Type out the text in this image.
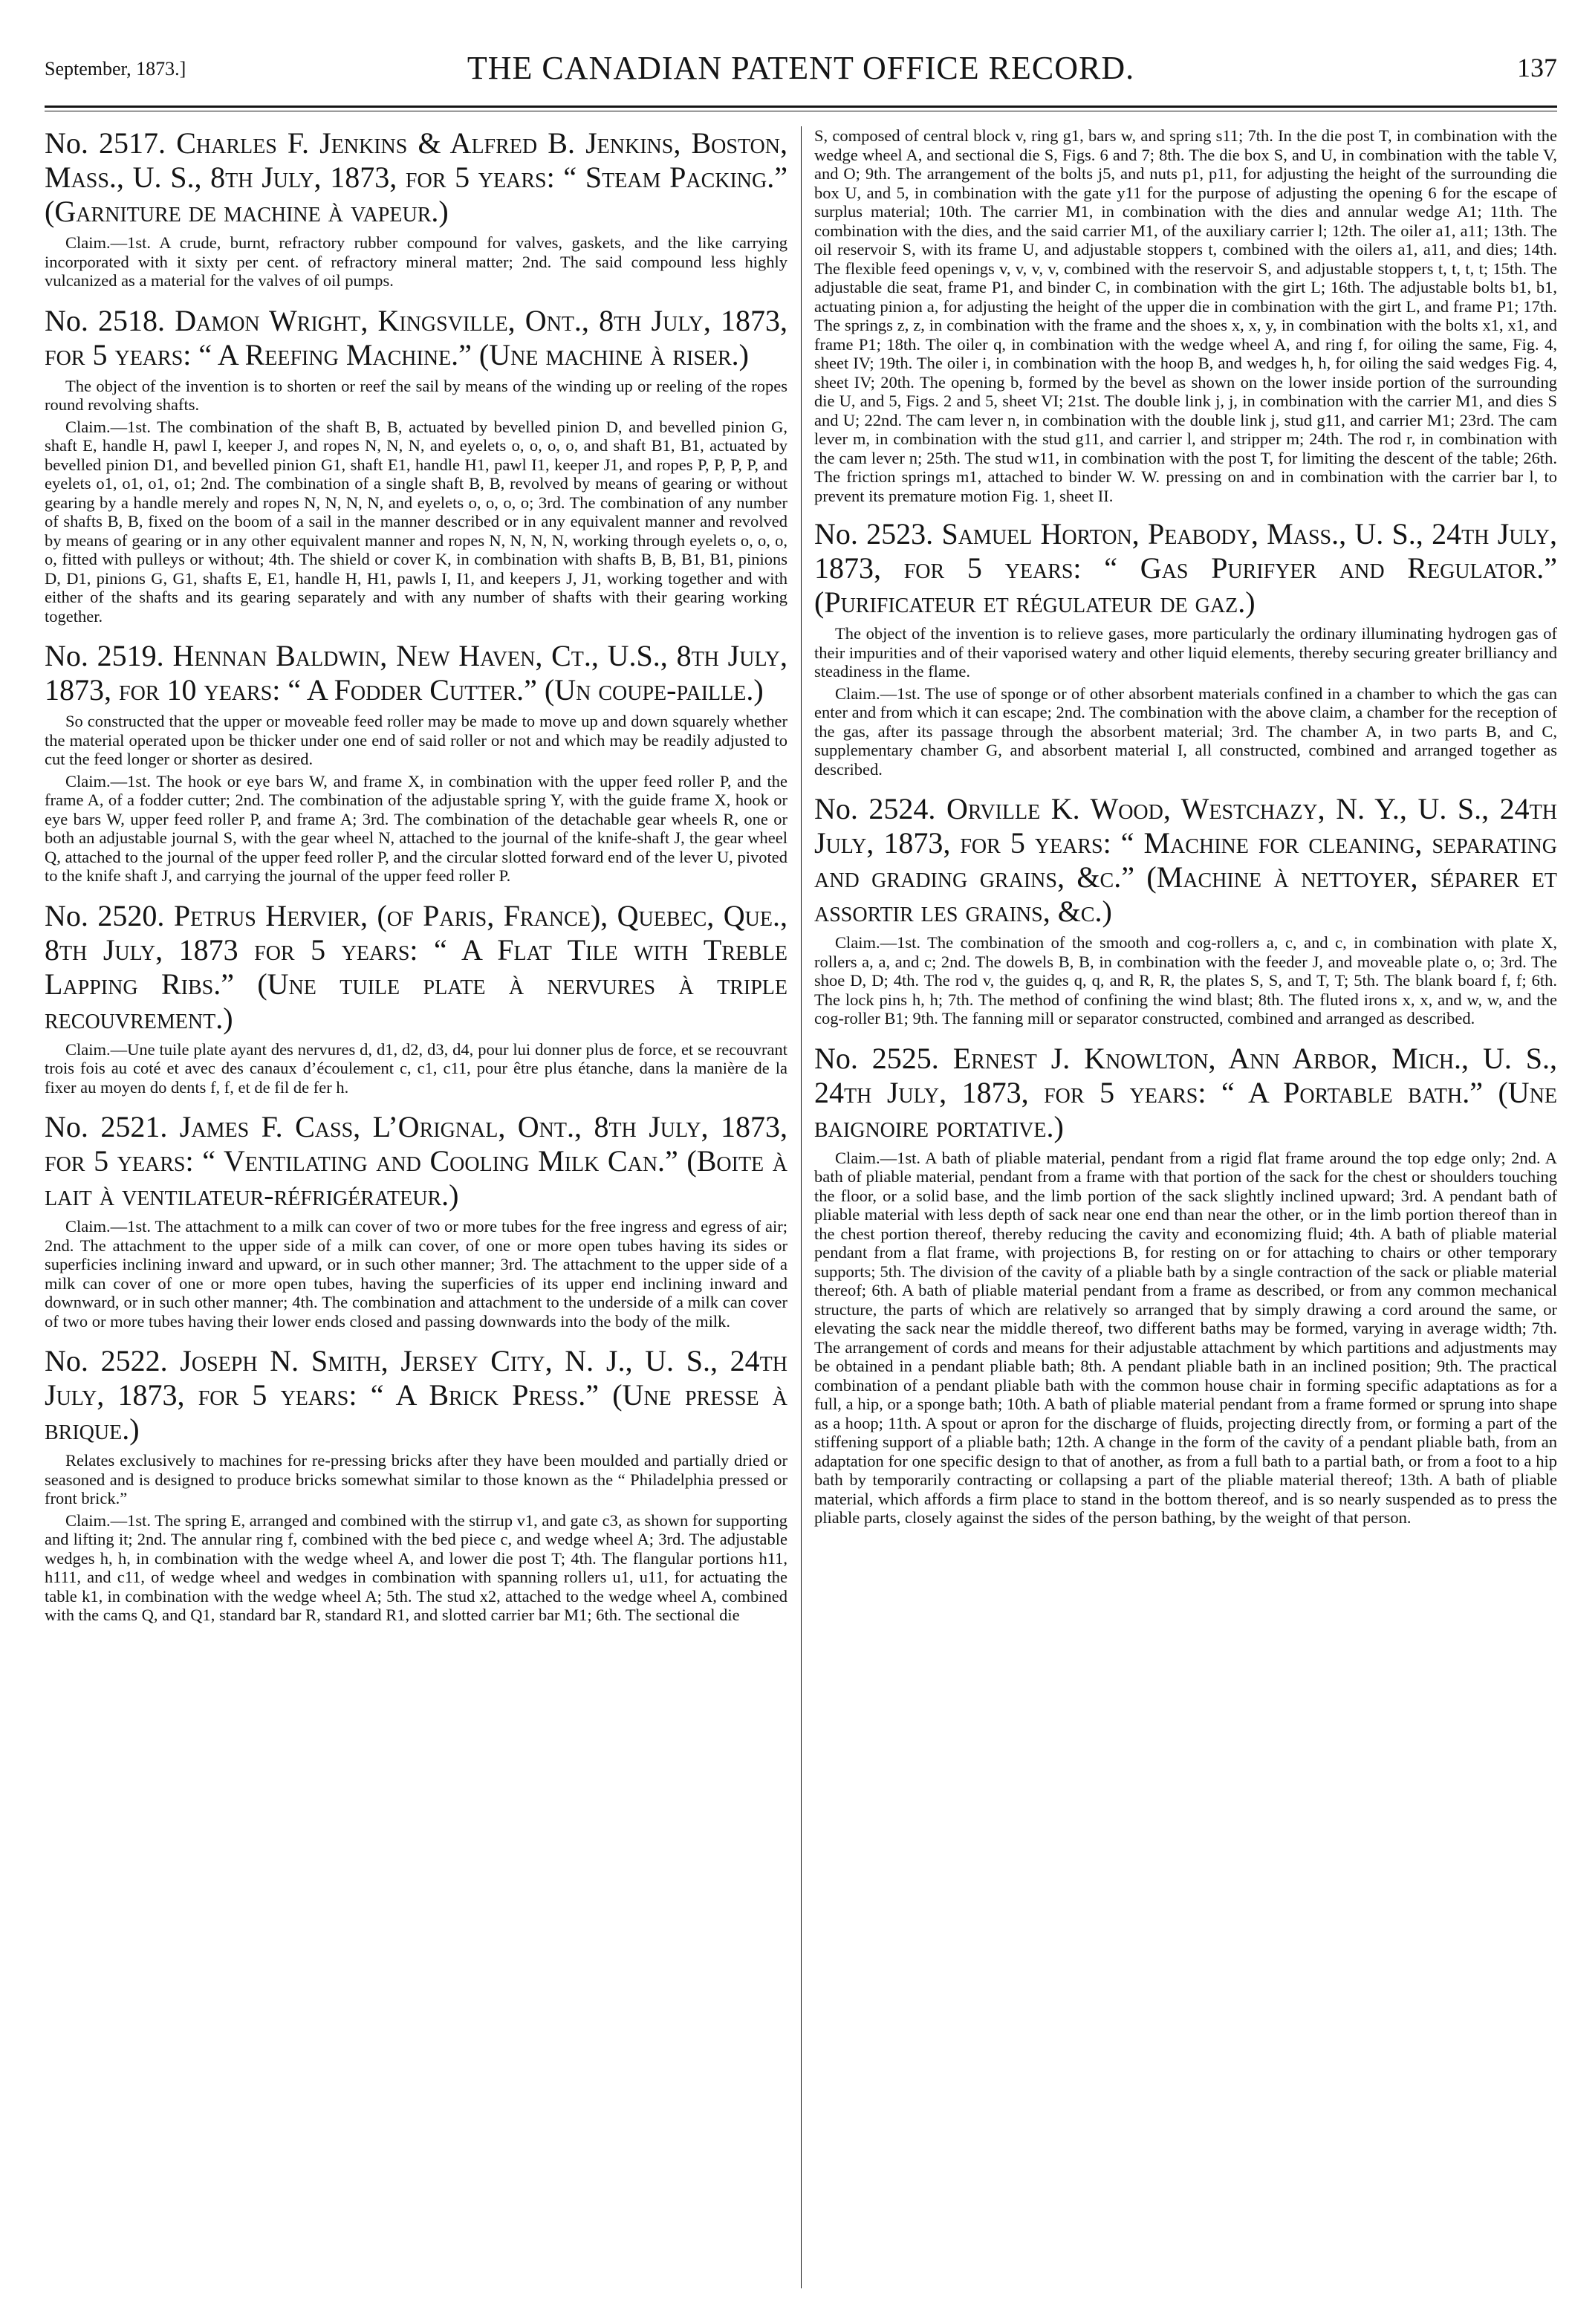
September, 1873.]	THE CANADIAN PATENT OFFICE RECORD.	137
No. 2517. Charles F. Jenkins & Alfred B. Jenkins, Boston, Mass., U. S., 8th July, 1873, for 5 years: “ Steam Packing.” (Garniture de machine à vapeur.)

Claim.—1st. A crude, burnt, refractory rubber compound for valves, gaskets, and the like carrying incorporated with it sixty per cent. of refractory mineral matter; 2nd. The said compound less highly vulcanized as a material for the valves of oil pumps.

No. 2518. Damon Wright, Kingsville, Ont., 8th July, 1873, for 5 years: “ A Reefing Machine.” (Une machine à riser.)

The object of the invention is to shorten or reef the sail by means of the winding up or reeling of the ropes round revolving shafts.

Claim.—1st. The combination of the shaft B, B, actuated by bevelled pinion D, and bevelled pinion G, shaft E, handle H, pawl I, keeper J, and ropes N, N, N, and eyelets o, o, o, o, and shaft B1, B1, actuated by bevelled pinion D1, and bevelled pinion G1, shaft E1, handle H1, pawl I1, keeper J1, and ropes P, P, P, P, and eyelets o1, o1, o1, o1; 2nd. The combination of a single shaft B, B, revolved by means of gearing or without gearing by a handle merely and ropes N, N, N, N, and eyelets o, o, o, o; 3rd. The combination of any number of shafts B, B, fixed on the boom of a sail in the manner described or in any equivalent manner and revolved by means of gearing or in any other equivalent manner and ropes N, N, N, N, working through eyelets o, o, o, o, fitted with pulleys or without; 4th. The shield or cover K, in combination with shafts B, B, B1, B1, pinions D, D1, pinions G, G1, shafts E, E1, handle H, H1, pawls I, I1, and keepers J, J1, working together and with either of the shafts and its gearing separately and with any number of shafts with their gearing working together.

No. 2519. Hennan Baldwin, New Haven, Ct., U.S., 8th July, 1873, for 10 years: “ A Fodder Cutter.” (Un coupe-paille.)

So constructed that the upper or moveable feed roller may be made to move up and down squarely whether the material operated upon be thicker under one end of said roller or not and which may be readily adjusted to cut the feed longer or shorter as desired.

Claim.—1st. The hook or eye bars W, and frame X, in combination with the upper feed roller P, and the frame A, of a fodder cutter; 2nd. The combination of the adjustable spring Y, with the guide frame X, hook or eye bars W, upper feed roller P, and frame A; 3rd. The combination of the detachable gear wheels R, one or both an adjustable journal S, with the gear wheel N, attached to the journal of the knife-shaft J, the gear wheel Q, attached to the journal of the upper feed roller P, and the circular slotted forward end of the lever U, pivoted to the knife shaft J, and carrying the journal of the upper feed roller P.

No. 2520. Petrus Hervier, (of Paris, France), Quebec, Que., 8th July, 1873 for 5 years: “ A Flat Tile with Treble Lapping Ribs.” (Une tuile plate à nervures à triple recouvrement.)

Claim.—Une tuile plate ayant des nervures d, d1, d2, d3, d4, pour lui donner plus de force, et se recouvrant trois fois au coté et avec des canaux d’écoulement c, c1, c11, pour être plus étanche, dans la manière de la fixer au moyen do dents f, f, et de fil de fer h.

No. 2521. James F. Cass, L’Orignal, Ont., 8th July, 1873, for 5 years: “ Ventilating and Cooling Milk Can.” (Boite à lait à ventilateur-réfrigérateur.)

Claim.—1st. The attachment to a milk can cover of two or more tubes for the free ingress and egress of air; 2nd. The attachment to the upper side of a milk can cover, of one or more open tubes having its sides or superficies inclining inward and upward, or in such other manner; 3rd. The attachment to the upper side of a milk can cover of one or more open tubes, having the superficies of its upper end inclining inward and downward, or in such other manner; 4th. The combination and attachment to the underside of a milk can cover of two or more tubes having their lower ends closed and passing downwards into the body of the milk.

No. 2522. Joseph N. Smith, Jersey City, N. J., U. S., 24th July, 1873, for 5 years: “ A Brick Press.” (Une presse à brique.)

Relates exclusively to machines for re-pressing bricks after they have been moulded and partially dried or seasoned and is designed to produce bricks somewhat similar to those known as the “ Philadelphia pressed or front brick.”

Claim.—1st. The spring E, arranged and combined with the stirrup v1, and gate c3, as shown for supporting and lifting it; 2nd. The annular ring f, combined with the bed piece c, and wedge wheel A; 3rd. The adjustable wedges h, h, in combination with the wedge wheel A, and lower die post T; 4th. The flangular portions h11, h111, and c11, of wedge wheel and wedges in combination with spanning rollers u1, u11, for actuating the table k1, in combination with the wedge wheel A; 5th. The stud x2, attached to the wedge wheel A, combined with the cams Q, and Q1, standard bar R, standard R1, and slotted carrier bar M1; 6th. The sectional die

S, composed of central block v, ring g1, bars w, and spring s11; 7th. In the die post T, in combination with the wedge wheel A, and sectional die S, Figs. 6 and 7; 8th. The die box S, and U, in combination with the table V, and O; 9th. The arrangement of the bolts j5, and nuts p1, p11, for adjusting the height of the surrounding die box U, and 5, in combination with the gate y11 for the purpose of adjusting the opening 6 for the escape of surplus material; 10th. The carrier M1, in combination with the dies and annular wedge A1; 11th. The combination with the dies, and the said carrier M1, of the auxiliary carrier l; 12th. The oiler a1, a11; 13th. The oil reservoir S, with its frame U, and adjustable stoppers t, combined with the oilers a1, a11, and dies; 14th. The flexible feed openings v, v, v, v, combined with the reservoir S, and adjustable stoppers t, t, t, t; 15th. The adjustable die seat, frame P1, and binder C, in combination with the girt L; 16th. The adjustable bolts b1, b1, actuating pinion a, for adjusting the height of the upper die in combination with the girt L, and frame P1; 17th. The springs z, z, in combination with the frame and the shoes x, x, y, in combination with the bolts x1, x1, and frame P1; 18th. The oiler q, in combination with the wedge wheel A, and ring f, for oiling the same, Fig. 4, sheet IV; 19th. The oiler i, in combination with the hoop B, and wedges h, h, for oiling the said wedges Fig. 4, sheet IV; 20th. The opening b, formed by the bevel as shown on the lower inside portion of the surrounding die U, and 5, Figs. 2 and 5, sheet VI; 21st. The double link j, j, in combination with the carrier M1, and dies S and U; 22nd. The cam lever n, in combination with the double link j, stud g11, and carrier M1; 23rd. The cam lever m, in combination with the stud g11, and carrier l, and stripper m; 24th. The rod r, in combination with the cam lever n; 25th. The stud w11, in combination with the post T, for limiting the descent of the table; 26th. The friction springs m1, attached to binder W. W. pressing on and in combination with the carrier bar l, to prevent its premature motion Fig. 1, sheet II.
No. 2523. Samuel Horton, Peabody, Mass., U. S., 24th July, 1873, for 5 years: “ Gas Purifyer and Regulator.” (Purificateur et régulateur de gaz.)

The object of the invention is to relieve gases, more particularly the ordinary illuminating hydrogen gas of their impurities and of their vaporised watery and other liquid elements, thereby securing greater brilliancy and steadiness in the flame.

Claim.—1st. The use of sponge or of other absorbent materials confined in a chamber to which the gas can enter and from which it can escape; 2nd. The combination with the above claim, a chamber for the reception of the gas, after its passage through the absorbent material; 3rd. The chamber A, in two parts B, and C, supplementary chamber G, and absorbent material I, all constructed, combined and arranged together as described.

No. 2524. Orville K. Wood, Westchazy, N. Y., U. S., 24th July, 1873, for 5 years: “ Machine for cleaning, separating and grading grains, &c.” (Machine à nettoyer, séparer et assortir les grains, &c.)

Claim.—1st. The combination of the smooth and cog-rollers a, c, and c, in combination with plate X, rollers a, a, and c; 2nd. The dowels B, B, in combination with the feeder J, and moveable plate o, o; 3rd. The shoe D, D; 4th. The rod v, the guides q, q, and R, R, the plates S, S, and T, T; 5th. The blank board f, f; 6th. The lock pins h, h; 7th. The method of confining the wind blast; 8th. The fluted irons x, x, and w, w, and the cog-roller B1; 9th. The fanning mill or separator constructed, combined and arranged as described.

No. 2525. Ernest J. Knowlton, Ann Arbor, Mich., U. S., 24th July, 1873, for 5 years: “ A Portable bath.” (Une baignoire portative.)

Claim.—1st. A bath of pliable material, pendant from a rigid flat frame around the top edge only; 2nd. A bath of pliable material, pendant from a frame with that portion of the sack for the chest or shoulders touching the floor, or a solid base, and the limb portion of the sack slightly inclined upward; 3rd. A pendant bath of pliable material with less depth of sack near one end than near the other, or in the limb portion thereof than in the chest portion thereof, thereby reducing the cavity and economizing fluid; 4th. A bath of pliable material pendant from a flat frame, with projections B, for resting on or for attaching to chairs or other temporary supports; 5th. The division of the cavity of a pliable bath by a single contraction of the sack or pliable material thereof; 6th. A bath of pliable material pendant from a frame as described, or from any common mechanical structure, the parts of which are relatively so arranged that by simply drawing a cord around the same, or elevating the sack near the middle thereof, two different baths may be formed, varying in average width; 7th. The arrangement of cords and means for their adjustable attachment by which partitions and adjustments may be obtained in a pendant pliable bath; 8th. A pendant pliable bath in an inclined position; 9th. The practical combination of a pendant pliable bath with the common house chair in forming specific adaptations as for a full, a hip, or a sponge bath; 10th. A bath of pliable material pendant from a frame formed or sprung into shape as a hoop; 11th. A spout or apron for the discharge of fluids, projecting directly from, or forming a part of the stiffening support of a pliable bath; 12th. A change in the form of the cavity of a pendant pliable bath, from an adaptation for one specific design to that of another, as from a full bath to a partial bath, or from a foot to a hip bath by temporarily contracting or collapsing a part of the pliable material thereof; 13th. A bath of pliable material, which affords a firm place to stand in the bottom thereof, and is so nearly suspended as to press the pliable parts, closely against the sides of the person bathing, by the weight of that person.
